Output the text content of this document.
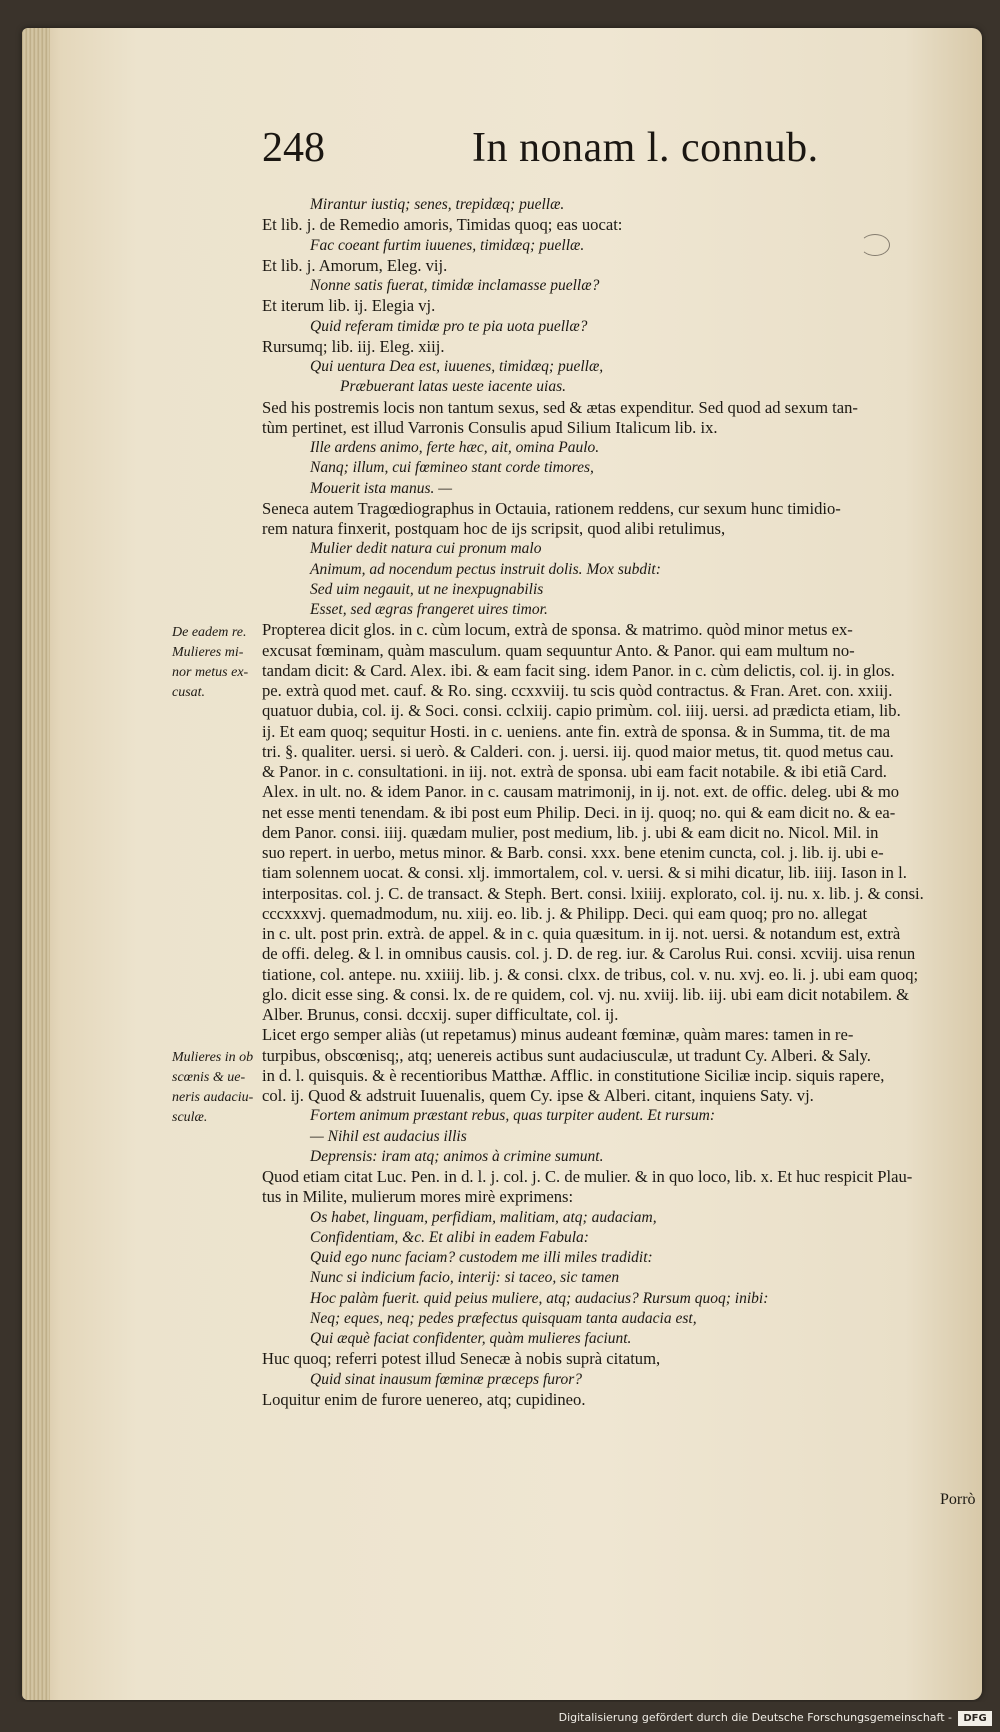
248	In nonam l. connub.
Mirantur iustiq; senes, trepidæq; puellæ.
Et lib. j. de Remedio amoris, Timidas quoq; eas uocat:
Fac coeant furtim iuuenes, timidæq; puellæ.
Et lib. j. Amorum, Eleg. vij.
Nonne satis fuerat, timidæ inclamasse puellæ?
Et iterum lib. ij. Elegia vj.
Quid referam timidæ pro te pia uota puellæ?
Rursumq; lib. iij. Eleg. xiij.
Qui uentura Dea est, iuuenes, timidæq; puellæ,
Præbuerant latas ueste iacente uias.
Sed his postremis locis non tantum sexus, sed & ætas expenditur. Sed quod ad sexum tan-
tùm pertinet, est illud Varronis Consulis apud Silium Italicum lib. ix.
Ille ardens animo, ferte hæc, ait, omina Paulo.
Nanq; illum, cui fœmineo stant corde timores,
Mouerit ista manus. —
Seneca autem Tragœdiographus in Octauia, rationem reddens, cur sexum hunc timidio-
rem natura finxerit, postquam hoc de ijs scripsit, quod alibi retulimus,
Mulier dedit natura cui pronum malo
Animum, ad nocendum pectus instruit dolis. Mox subdit:
Sed uim negauit, ut ne inexpugnabilis
Esset, sed ægras frangeret uires timor.
Propterea dicit glos. in c. cùm locum, extrà de sponsa. & matrimo. quòd minor metus ex-
excusat fœminam, quàm masculum. quam sequuntur Anto. & Panor. qui eam multum no-
tandam dicit: & Card. Alex. ibi. & eam facit sing. idem Panor. in c. cùm delictis, col. ij. in glos.
pe. extrà quod met. cauf. & Ro. sing. ccxxviij. tu scis quòd contractus. & Fran. Aret. con. xxiij.
quatuor dubia, col. ij. & Soci. consi. cclxiij. capio primùm. col. iiij. uersi. ad prædicta etiam, lib.
ij. Et eam quoq; sequitur Hosti. in c. ueniens. ante fin. extrà de sponsa. & in Summa, tit. de ma
tri. §. qualiter. uersi. si uerò. & Calderi. con. j. uersi. iij. quod maior metus, tit. quod metus cau.
& Panor. in c. consultationi. in iij. not. extrà de sponsa. ubi eam facit notabile. & ibi etiã Card.
Alex. in ult. no. & idem Panor. in c. causam matrimonij, in ij. not. ext. de offic. deleg. ubi & mo
net esse menti tenendam. & ibi post eum Philip. Deci. in ij. quoq; no. qui & eam dicit no. & ea-
dem Panor. consi. iiij. quædam mulier, post medium, lib. j. ubi & eam dicit no. Nicol. Mil. in
suo repert. in uerbo, metus minor. & Barb. consi. xxx. bene etenim cuncta, col. j. lib. ij. ubi e-
tiam solennem uocat. & consi. xlj. immortalem, col. v. uersi. & si mihi dicatur, lib. iiij. Iason in l.
interpositas. col. j. C. de transact. & Steph. Bert. consi. lxiiij. explorato, col. ij. nu. x. lib. j. & consi.
cccxxxvj. quemadmodum, nu. xiij. eo. lib. j. & Philipp. Deci. qui eam quoq; pro no. allegat
in c. ult. post prin. extrà. de appel. & in c. quia quæsitum. in ij. not. uersi. & notandum est, extrà
de offi. deleg. & l. in omnibus causis. col. j. D. de reg. iur. & Carolus Rui. consi. xcviij. uisa renun
tiatione, col. antepe. nu. xxiiij. lib. j. & consi. clxx. de tribus, col. v. nu. xvj. eo. li. j. ubi eam quoq;
glo. dicit esse sing. & consi. lx. de re quidem, col. vj. nu. xviij. lib. iij. ubi eam dicit notabilem. &
Alber. Brunus, consi. dccxij. super difficultate, col. ij.
Licet ergo semper aliàs (ut repetamus) minus audeant fœminæ, quàm mares: tamen in re-
turpibus, obscœnisq;, atq; uenereis actibus sunt audaciusculæ, ut tradunt Cy. Alberi. & Saly.
in d. l. quisquis. & è recentioribus Matthæ. Afflic. in constitutione Siciliæ incip. siquis rapere,
col. ij. Quod & adstruit Iuuenalis, quem Cy. ipse & Alberi. citant, inquiens Saty. vj.
Fortem animum præstant rebus, quas turpiter audent. Et rursum:
— Nihil est audacius illis
Deprensis: iram atq; animos à crimine sumunt.
Quod etiam citat Luc. Pen. in d. l. j. col. j. C. de mulier. & in quo loco, lib. x. Et huc respicit Plau-
tus in Milite, mulierum mores mirè exprimens:
Os habet, linguam, perfidiam, malitiam, atq; audaciam,
Confidentiam, &c. Et alibi in eadem Fabula:
Quid ego nunc faciam? custodem me illi miles tradidit:
Nunc si indicium facio, interij: si taceo, sic tamen
Hoc palàm fuerit. quid peius muliere, atq; audacius? Rursum quoq; inibi:
Neq; eques, neq; pedes præfectus quisquam tanta audacia est,
Qui æquè faciat confidenter, quàm mulieres faciunt.
Huc quoq; referri potest illud Senecæ à nobis suprà citatum,
Quid sinat inausum fœminæ præceps furor?
Loquitur enim de furore uenereo, atq; cupidineo.
De eadem re.
Mulieres mi-
nor metus ex-
cusat.
Mulieres in ob
scœnis & ue-
neris audaciu-
sculæ.
Porrò
Digitalisierung gefördert durch die Deutsche Forschungsgemeinschaft -	DFG
